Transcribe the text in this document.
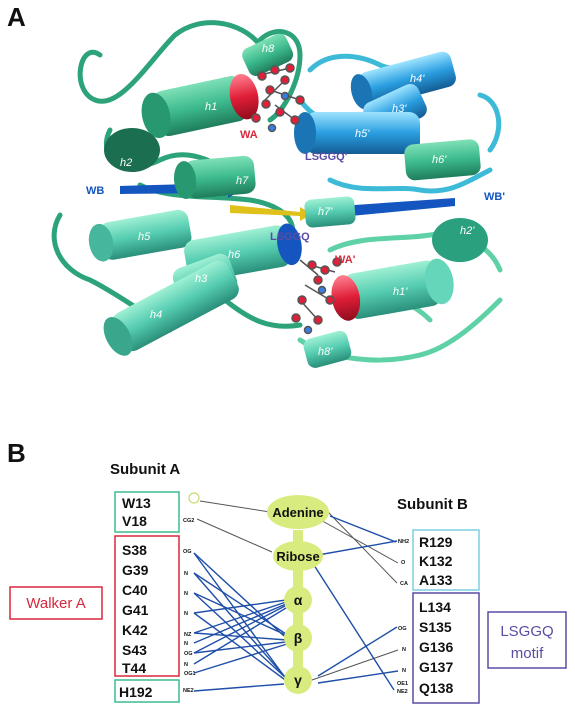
A
B
h1
h2
h3
h4
h5
h6
h7
h8
h1'
h2'
h3'
h4'
h5'
h6'
h7'
h8'
WA
WA'
WB	WB'
LSGGQ
LSGGQ'
Subunit A
Subunit B
Walker A
LSGGQ
motif
W13
V18
S38
G39
C40
G41
K42
S43
T44
H192
R129
K132
A133
L134
S135
G136
G137
Q138
CG2
OG
N
N
N
NZ
N
OG
N
OG1
NE2
NH2
O
CA
OG
N
N
OE1
NE2
Adenine
Ribose
α
β
γ
